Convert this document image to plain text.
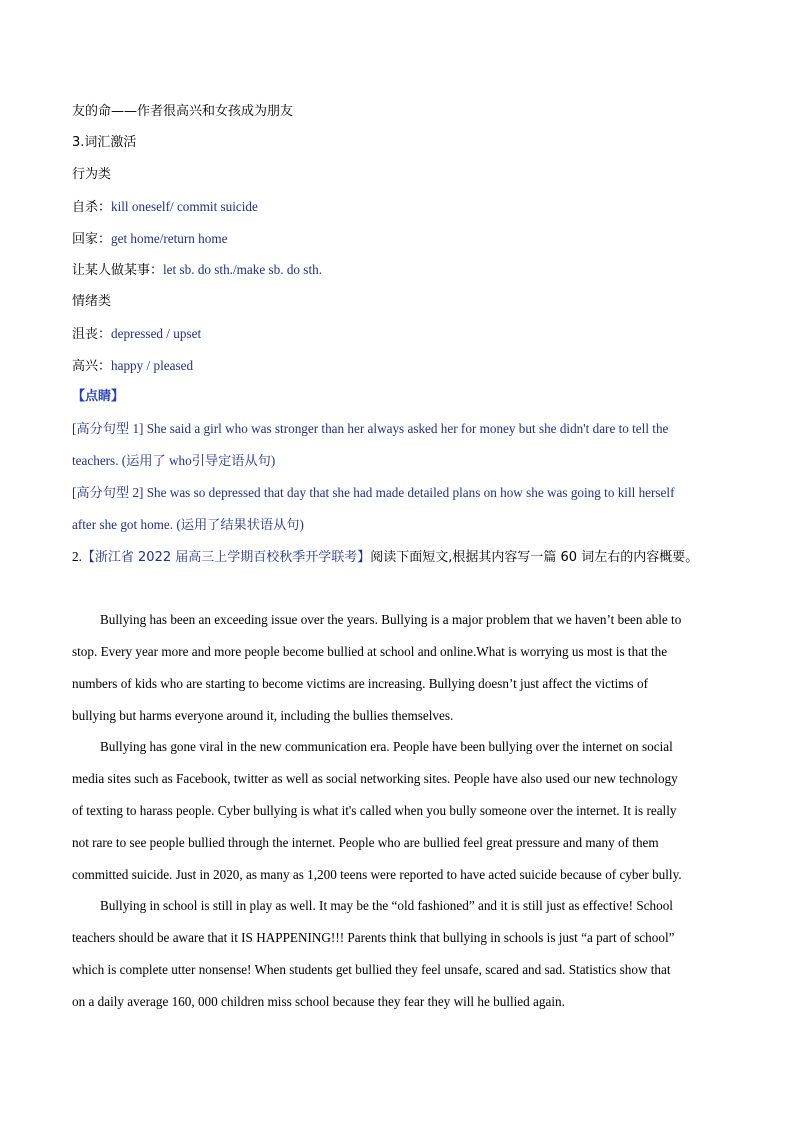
友的命——作者很高兴和女孩成为朋友
3.词汇激活
行为类
自杀：kill oneself/ commit suicide
回家：get home/return home
让某人做某事：let sb. do sth./make sb. do sth.
情绪类
沮丧：depressed / upset
高兴：happy / pleased
【点睛】
[高分句型 1] She said a girl who was stronger than her always asked her for money but she didn't dare to tell the
teachers. (运用了 who引导定语从句)
[高分句型 2] She was so depressed that day that she had made detailed plans on how she was going to kill herself
after she got home. (运用了结果状语从句)
2.【浙江省 2022 届高三上学期百校秋季开学联考】阅读下面短文,根据其内容写一篇 60 词左右的内容概要。
Bullying has been an exceeding issue over the years. Bullying is a major problem that we haven’t been able to
stop. Every year more and more people become bullied at school and online.What is worrying us most is that the
numbers of kids who are starting to become victims are increasing. Bullying doesn’t just affect the victims of
bullying but harms everyone around it, including the bullies themselves.
Bullying has gone viral in the new communication era. People have been bullying over the internet on social
media sites such as Facebook, twitter as well as social networking sites. People have also used our new technology
of texting to harass people. Cyber bullying is what it's called when you bully someone over the internet. It is really
not rare to see people bullied through the internet. People who are bullied feel great pressure and many of them
committed suicide. Just in 2020, as many as 1,200 teens were reported to have acted suicide because of cyber bully.
Bullying in school is still in play as well. It may be the “old fashioned” and it is still just as effective! School
teachers should be aware that it IS HAPPENING!!! Parents think that bullying in schools is just “a part of school”
which is complete utter nonsense! When students get bullied they feel unsafe, scared and sad. Statistics show that
on a daily average 160, 000 children miss school because they fear they will he bullied again.
